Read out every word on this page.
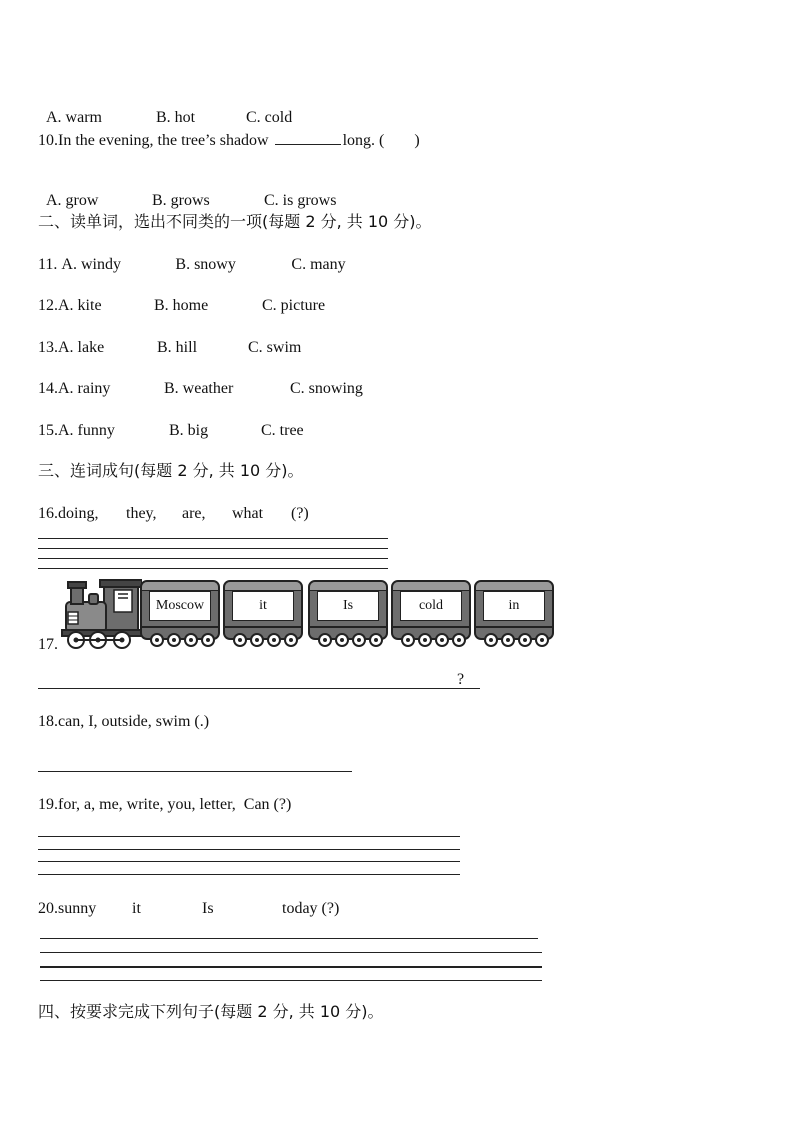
A. warm	B. hot	C. cold

10.In the evening, the tree’s shadow	long. ( )

A. grow	B. grows	C. is grows

二、读单词，选出不同类的一项(每题 2 分, 共 10 分)。
11. A. windy	B. snowy	C. many
12.A. kite	B. home	C. picture
13.A. lake	B. hill	C. swim
14.A. rainy	B. weather	C. snowing
15.A. funny	B. big	C. tree
三、连词成句(每题 2 分, 共 10 分)。
16.doing, they, are, what (?)
17.
Moscow	it	Is	cold	in
?
18.can, I, outside, swim (.)
19.for, a, me, write, you, letter,  Can (?)
20.sunny it	Is	today (?)
四、按要求完成下列句子(每题 2 分, 共 10 分)。
